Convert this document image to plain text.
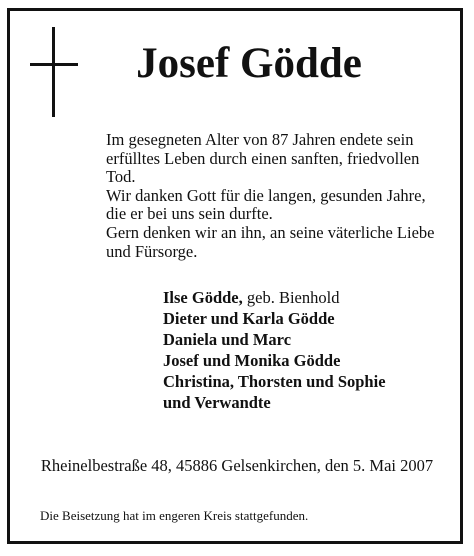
Josef Gödde
Im gesegneten Alter von 87 Jahren endete sein
erfülltes Leben durch einen sanften, friedvollen
Tod.
Wir danken Gott für die langen, gesunden Jahre,
die er bei uns sein durfte.
Gern denken wir an ihn, an seine väterliche Liebe
und Fürsorge.
Ilse Gödde, geb. Bienhold
Dieter und Karla Gödde
Daniela und Marc
Josef und Monika Gödde
Christina, Thorsten und Sophie
und Verwandte
Rheinelbestraße 48, 45886 Gelsenkirchen, den 5. Mai 2007
Die Beisetzung hat im engeren Kreis stattgefunden.
